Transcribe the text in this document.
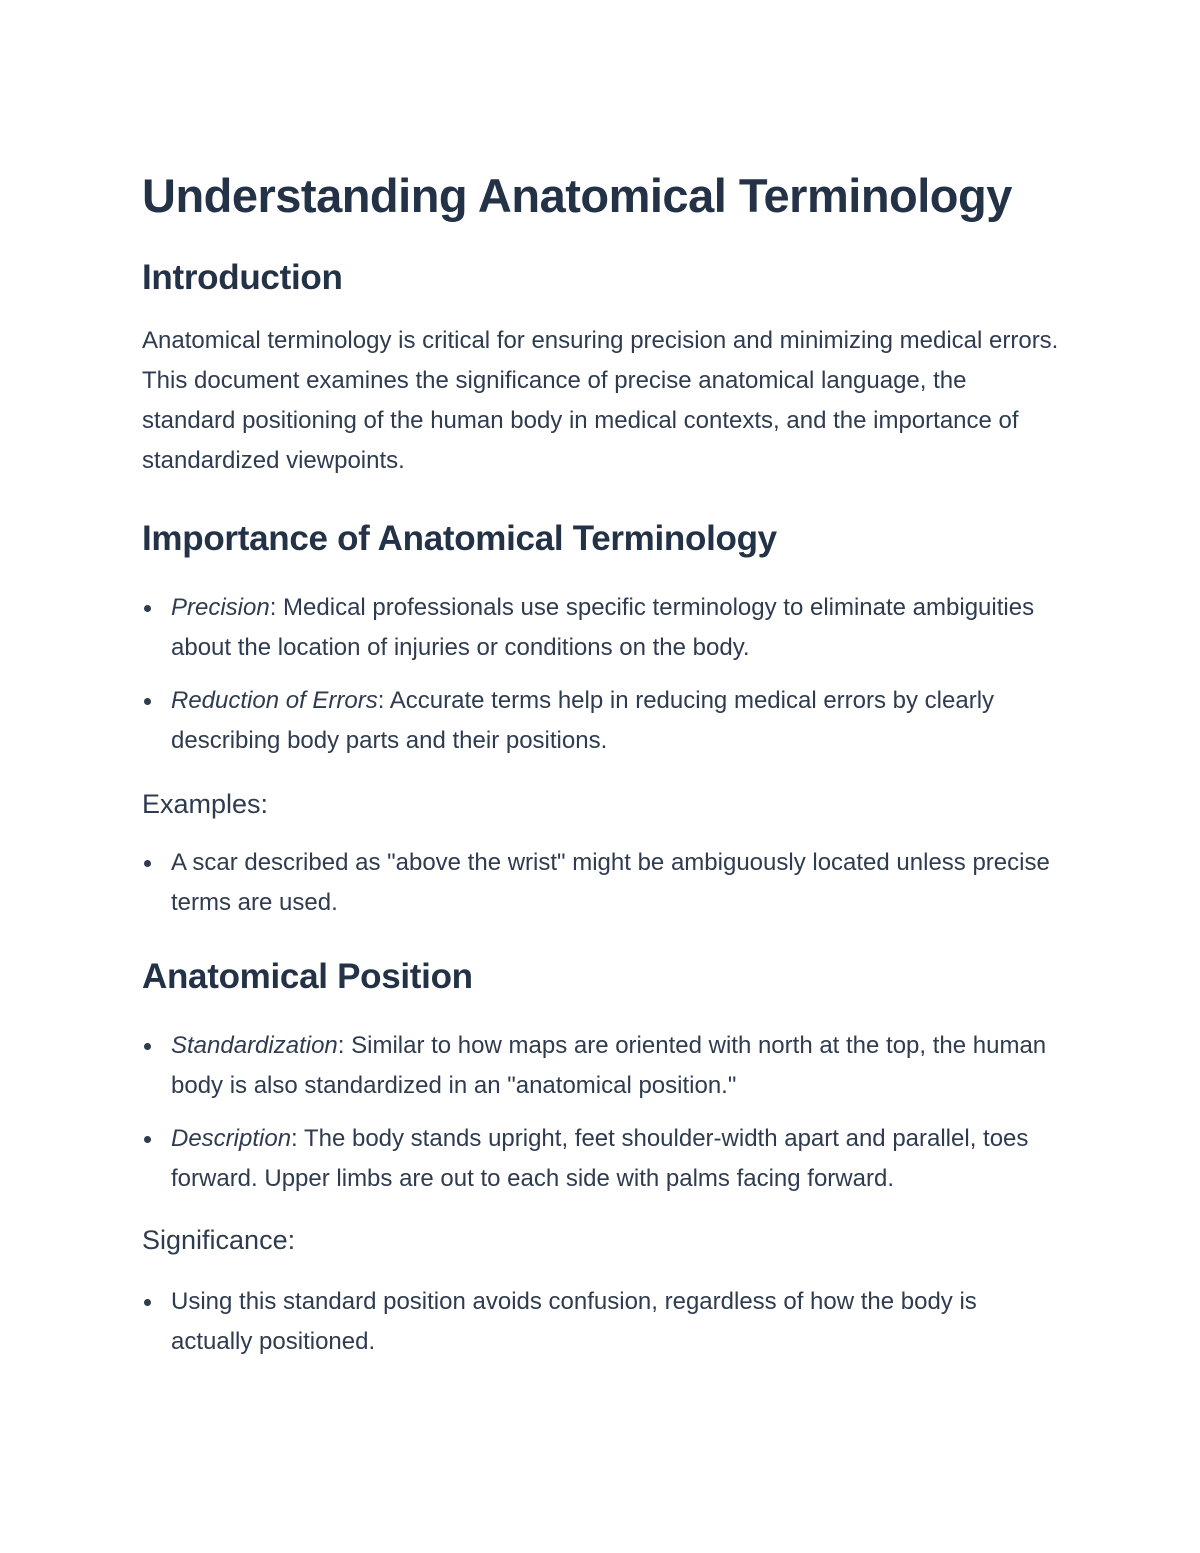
Understanding Anatomical Terminology
Introduction

Anatomical terminology is critical for ensuring precision and minimizing medical errors. This document examines the significance of precise anatomical language, the standard positioning of the human body in medical contexts, and the importance of standardized viewpoints.

Importance of Anatomical Terminology
Precision: Medical professionals use specific terminology to eliminate ambiguities about the location of injuries or conditions on the body.
Reduction of Errors: Accurate terms help in reducing medical errors by clearly describing body parts and their positions.
Examples:
A scar described as "above the wrist" might be ambiguously located unless precise terms are used.
Anatomical Position
Standardization: Similar to how maps are oriented with north at the top, the human body is also standardized in an "anatomical position."
Description: The body stands upright, feet shoulder-width apart and parallel, toes forward. Upper limbs are out to each side with palms facing forward.
Significance:
Using this standard position avoids confusion, regardless of how the body is actually positioned.
